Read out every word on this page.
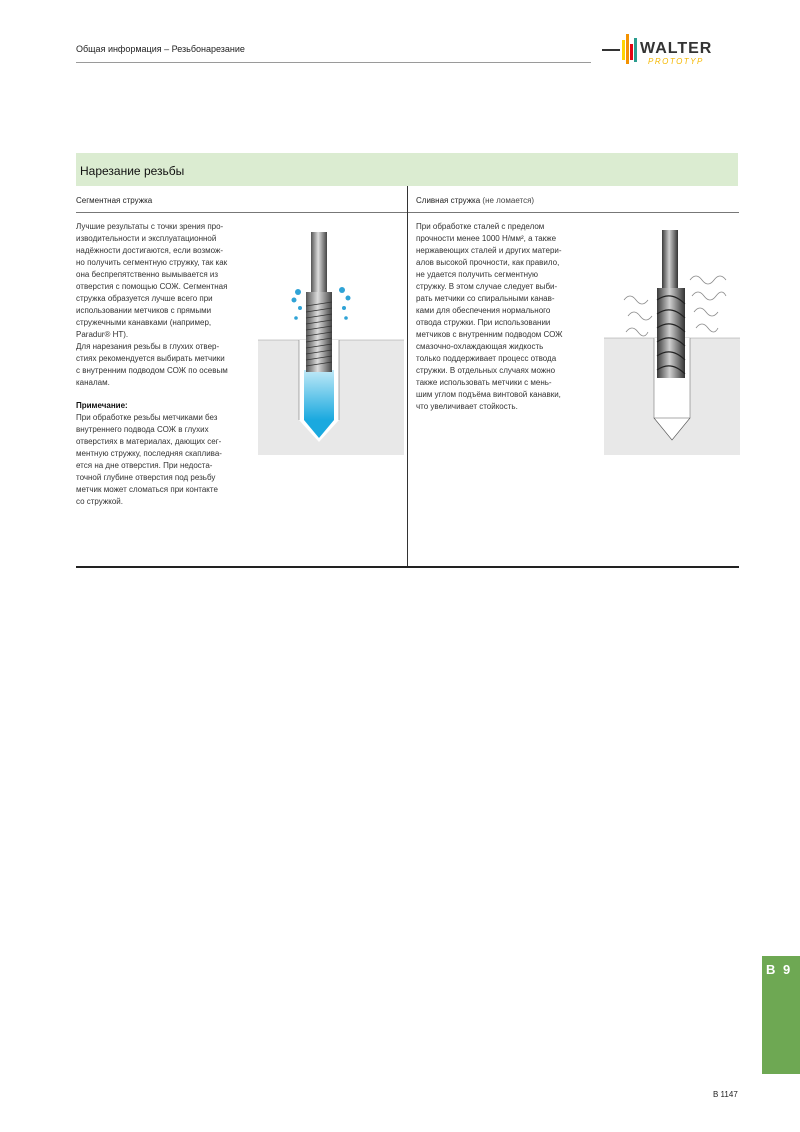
Общая информация – Резьбонарезание	WALTER
PROTOTYP
Нарезание резьбы
Сегментная стружка	Сливная стружка (не ломается)
Лучшие результаты с точки зрения про-
изводительности и эксплуатационной
надёжности достигаются, если возмож-
но получить сегментную стружку, так как
она беспрепятственно вымывается из
отверстия с помощью СОЖ. Сегментная
стружка образуется лучше всего при
использовании метчиков с прямыми
стружечными канавками (например,
Paradur® HT).
Для нарезания резьбы в глухих отвер-
стиях рекомендуется выбирать метчики
с внутренним подводом СОЖ по осевым
каналам.
Примечание:
При обработке резьбы метчиками без
внутреннего подвода СОЖ в глухих
отверстиях в материалах, дающих сег-
ментную стружку, последняя скаплива-
ется на дне отверстия. При недоста-
точной глубине отверстия под резьбу
метчик может сломаться при контакте
со стружкой.
При обработке сталей с пределом
прочности менее 1000 Н/мм², а также
нержавеющих сталей и других матери-
алов высокой прочности, как правило,
не удается получить сегментную
стружку. В этом случае следует выби-
рать метчики со спиральными канав-
ками для обеспечения нормального
отвода стружки. При использовании
метчиков с внутренним подводом СОЖ
смазочно-охлаждающая жидкость
только поддерживает процесс отвода
стружки. В отдельных случаях можно
также использовать метчики с мень-
шим углом подъёма винтовой канавки,
что увеличивает стойкость.
B 9
B 1147
